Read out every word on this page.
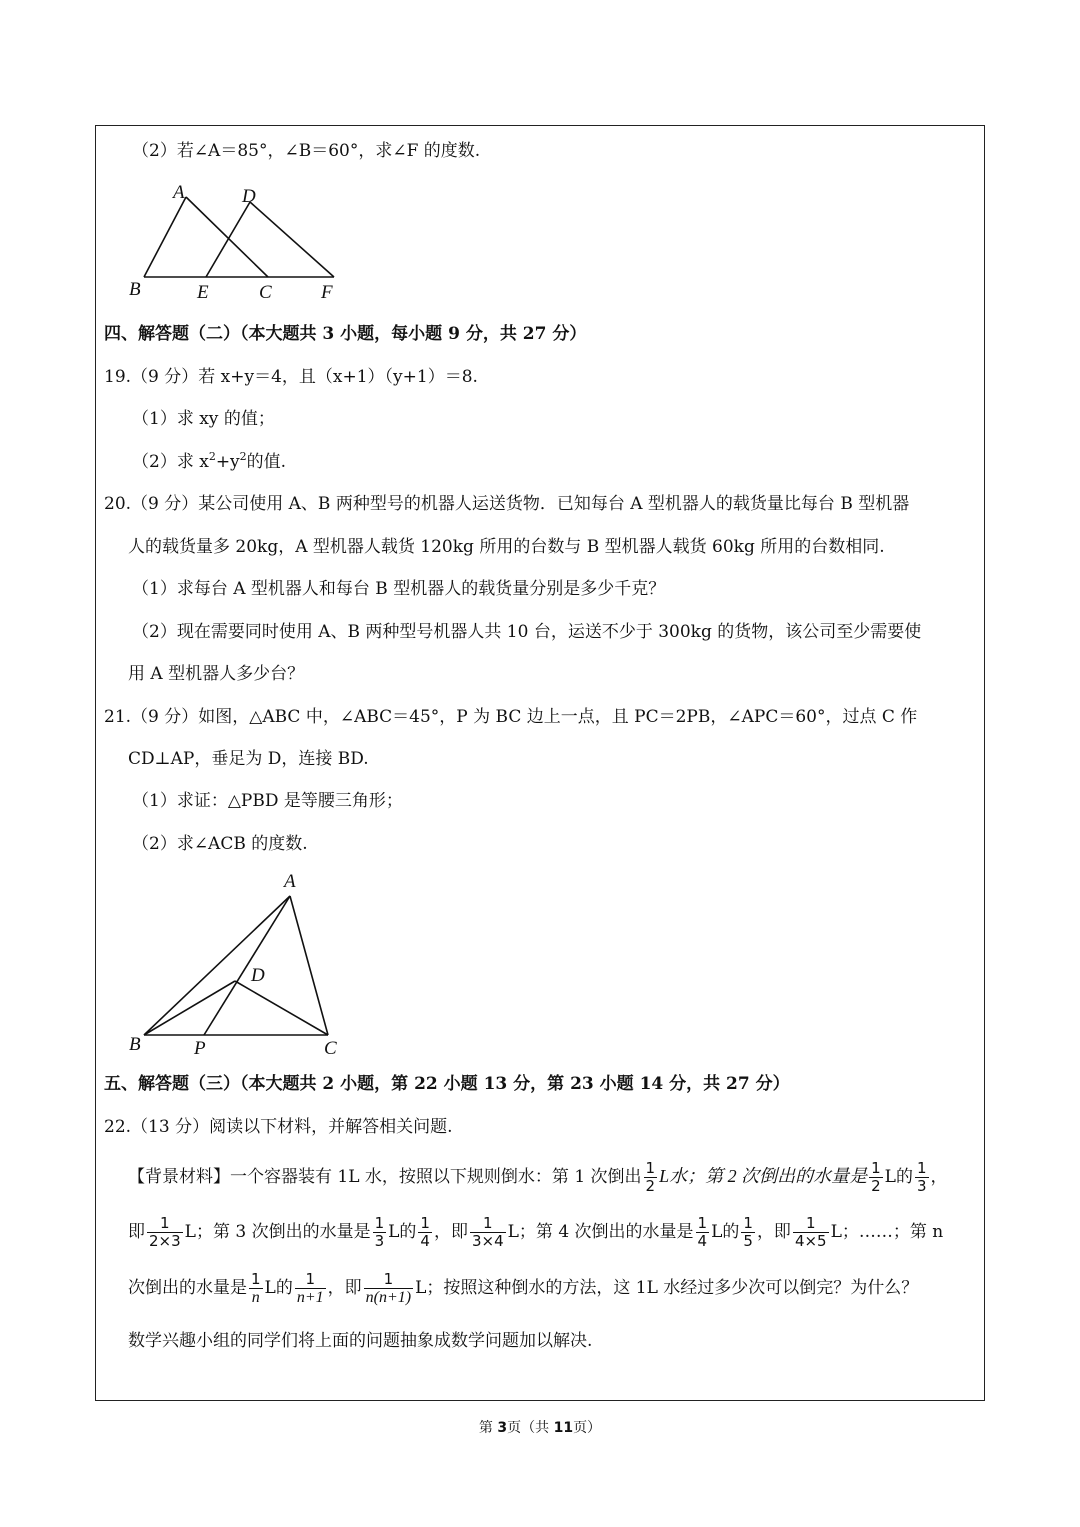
（2）若∠A＝85°，∠B＝60°，求∠F 的度数.
A	D
B	E	C	F
四、解答题（二）（本大题共 3 小题，每小题 9 分，共 27 分）
19.（9 分）若 x+y＝4，且（x+1）（y+1）＝8.
（1）求 xy 的值；
（2）求 $x^2+y^2$的值.
20.（9 分）某公司使用 A、B 两种型号的机器人运送货物．已知每台 A 型机器人的载货量比每台 B 型机器
人的载货量多 20kg，A 型机器人载货 120kg 所用的台数与 B 型机器人载货 60kg 所用的台数相同.
（1）求每台 A 型机器人和每台 B 型机器人的载货量分别是多少千克？
（2）现在需要同时使用 A、B 两种型号机器人共 10 台，运送不少于 300kg 的货物，该公司至少需要使
用 A 型机器人多少台？
21.（9 分）如图，△ABC 中，∠ABC＝45°，P 为 BC 边上一点，且 PC＝2PB，∠APC＝60°，过点 C 作
CD⊥AP，垂足为 D，连接 BD.
（1）求证：△PBD 是等腰三角形；
（2）求∠ACB 的度数.
A
D
B	P	C
五、解答题（三）（本大题共 2 小题，第 22 小题 13 分，第 23 小题 14 分，共 27 分）
22.（13 分）阅读以下材料，并解答相关问题.
【背景材料】一个容器装有 1L 水，按照以下规则倒水：第 1 次倒出 $\frac{1}{2}$ L水；第 2 次倒出的水量是 $\frac{1}{2}$ L的 $\frac{1}{3}$ ，
即 $\frac{1}{2\times 3}$ L；第 3 次倒出的水量是 $\frac{1}{3}$ L的 $\frac{1}{4}$ ，即 $\frac{1}{3\times 4}$ L；第 4 次倒出的水量是 $\frac{1}{4}$ L的 $\frac{1}{5}$ ，即 $\frac{1}{4\times 5}$ L；……；第 n
次倒出的水量是 $\frac{1}{n}$ L的 $\frac{1}{n+1}$ ，即 $\frac{1}{n(n+1)}$ L；按照这种倒水的方法，这 1L 水经过多少次可以倒完？为什么？
数学兴趣小组的同学们将上面的问题抽象成数学问题加以解决.
第 3页（共 11页）
